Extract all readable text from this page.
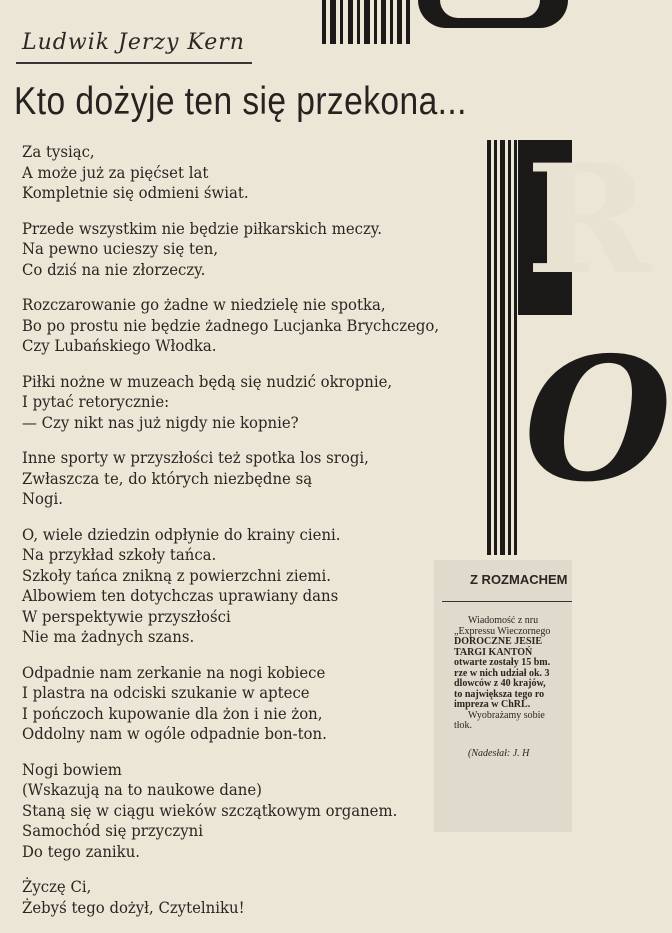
Ludwik Jerzy Kern
Kto dożyje ten się przekona...
Za tysiąc,
A może już za pięćset lat
Kompletnie się odmieni świat.
Przede wszystkim nie będzie piłkarskich meczy.
Na pewno ucieszy się ten,
Co dziś na nie złorzeczy.
Rozczarowanie go żadne w niedzielę nie spotka,
Bo po prostu nie będzie żadnego Lucjanka Brychczego,
Czy Lubańskiego Włodka.
Piłki nożne w muzeach będą się nudzić okropnie,
I pytać retorycznie:
— Czy nikt nas już nigdy nie kopnie?
Inne sporty w przyszłości też spotka los srogi,
Zwłaszcza te, do których niezbędne są
Nogi.
O, wiele dziedzin odpłynie do krainy cieni.
Na przykład szkoły tańca.
Szkoły tańca znikną z powierzchni ziemi.
Albowiem ten dotychczas uprawiany dans
W perspektywie przyszłości
Nie ma żadnych szans.
Odpadnie nam zerkanie na nogi kobiece
I plastra na odciski szukanie w aptece
I pończoch kupowanie dla żon i nie żon,
Oddolny nam w ogóle odpadnie bon-ton.
Nogi bowiem
(Wskazują na to naukowe dane)
Staną się w ciągu wieków szczątkowym organem.
Samochód się przyczyni
Do tego zaniku.
Życzę Ci,
Żebyś tego dożył, Czytelniku!
R
O
Z ROZMACHEM
Wiadomość z nru
„Expressu Wieczornego
DOROCZNE JESIE
TARGI KANTOŃ
otwarte zostały 15 bm.
rze w nich udział ok. 3
dlowców z 40 krajów,
to największa tego ro
impreza w ChRL.
Wyobrażamy sobie
tłok.
(Nadesłał: J. H
